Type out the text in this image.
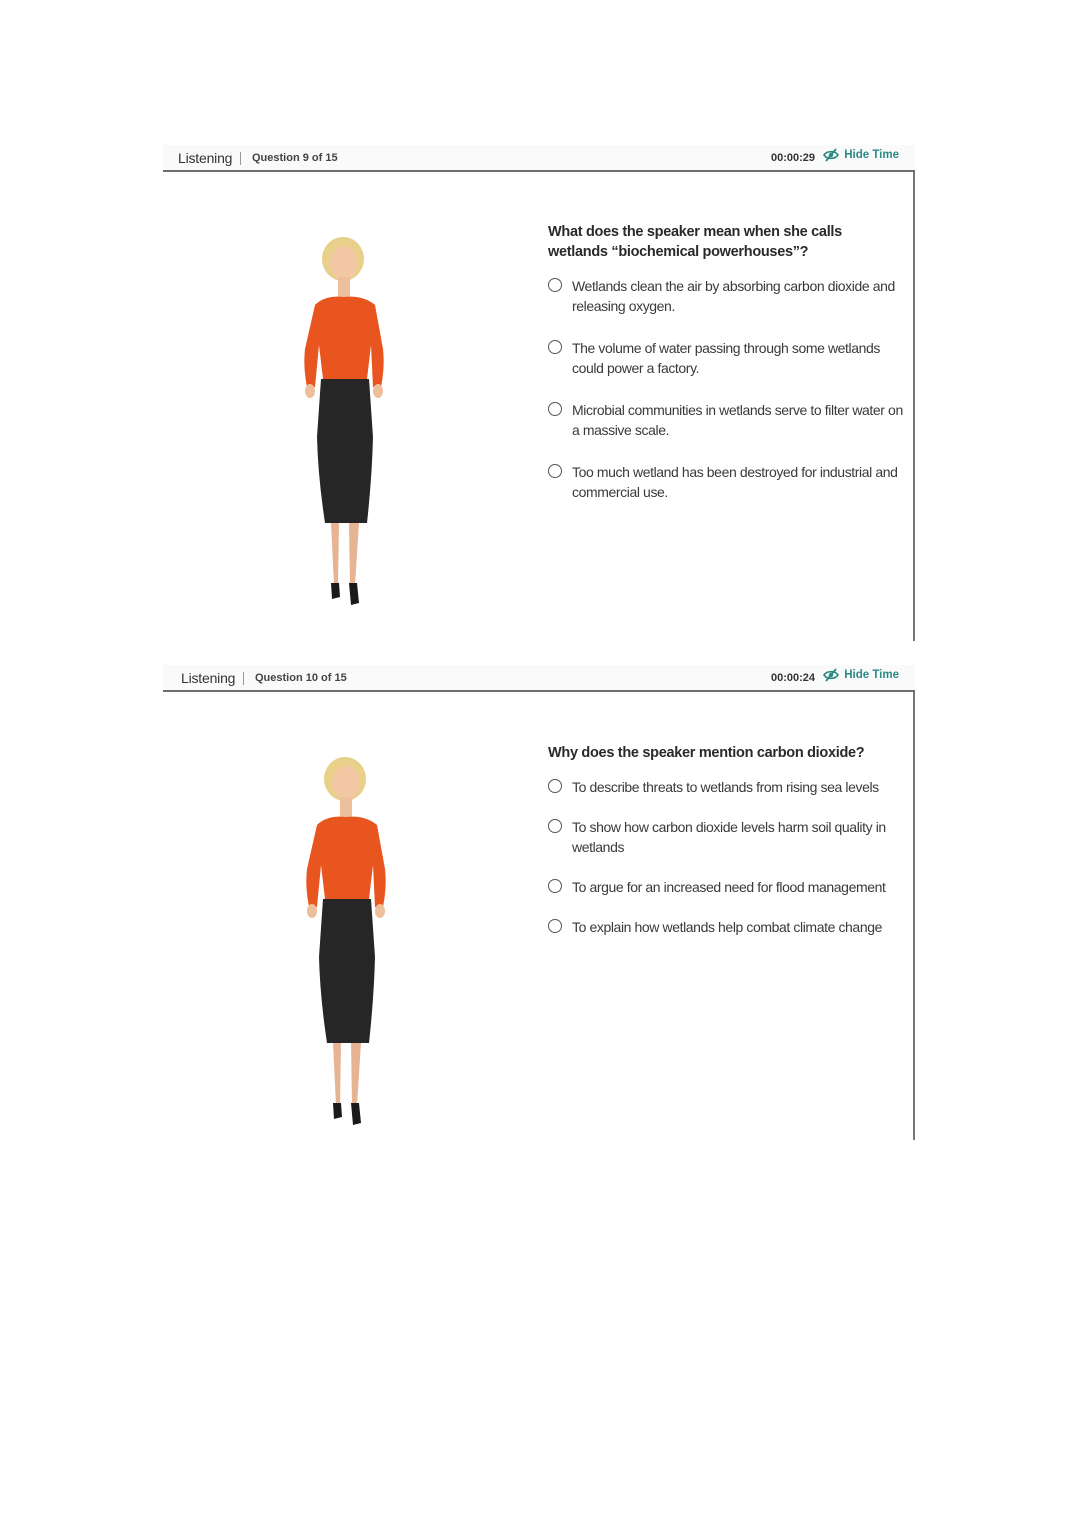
Listening Question 9 of 15	00:00:29	Hide Time

What does the speaker mean when she calls wetlands “biochemical powerhouses”?

Wetlands clean the air by absorbing carbon dioxide and releasing oxygen.
The volume of water passing through some wetlands could power a factory.
Microbial communities in wetlands serve to filter water on a massive scale.
Too much wetland has been destroyed for industrial and commercial use.
Listening Question 10 of 15	00:00:24	Hide Time

Why does the speaker mention carbon dioxide?

To describe threats to wetlands from rising sea levels
To show how carbon dioxide levels harm soil quality in wetlands
To argue for an increased need for flood management
To explain how wetlands help combat climate change
